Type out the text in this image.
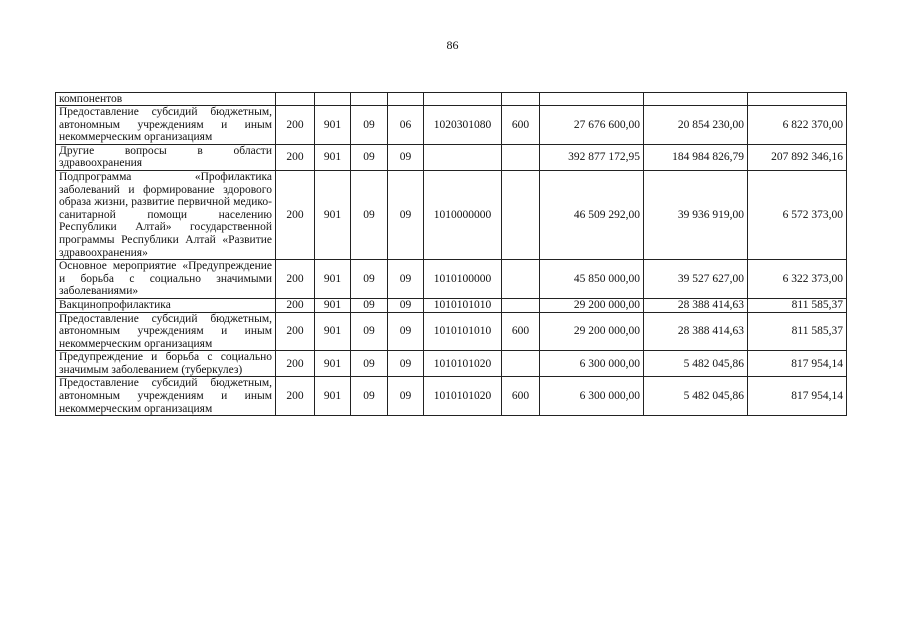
86
компонентов									
Предоставление субсидий бюджетным, автономным учреждениям и иным некоммерческим организациям	200	901	09	06	1020301080	600	27 676 600,00	20 854 230,00	6 822 370,00
Другие вопросы в области здравоохранения	200	901	09	09			392 877 172,95	184 984 826,79	207 892 346,16
Подпрограмма «Профилактика заболеваний и формирование здорового образа жизни, развитие первичной медико-санитарной помощи населению Республики Алтай» государственной программы Республики Алтай «Развитие здравоохранения»	200	901	09	09	1010000000		46 509 292,00	39 936 919,00	6 572 373,00
Основное мероприятие «Предупреждение и борьба с социально значимыми заболеваниями»	200	901	09	09	1010100000		45 850 000,00	39 527 627,00	6 322 373,00
Вакцинопрофилактика	200	901	09	09	1010101010		29 200 000,00	28 388 414,63	811 585,37
Предоставление субсидий бюджетным, автономным учреждениям и иным некоммерческим организациям	200	901	09	09	1010101010	600	29 200 000,00	28 388 414,63	811 585,37
Предупреждение и борьба с социально значимым заболеванием (туберкулез)	200	901	09	09	1010101020		6 300 000,00	5 482 045,86	817 954,14
Предоставление субсидий бюджетным, автономным учреждениям и иным некоммерческим организациям	200	901	09	09	1010101020	600	6 300 000,00	5 482 045,86	817 954,14
